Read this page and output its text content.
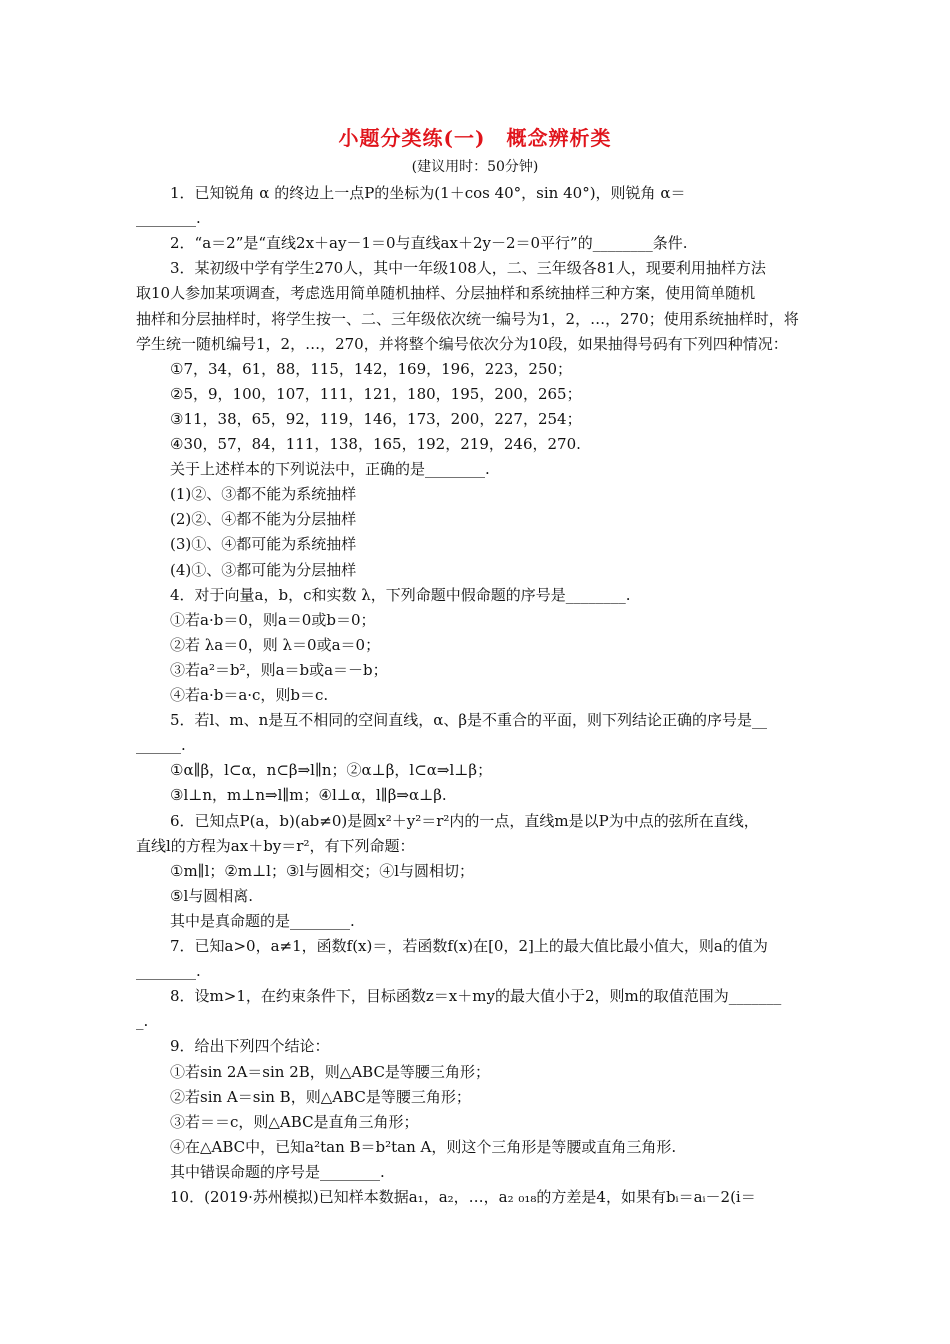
小题分类练(一)　概念辨析类
(建议用时：50分钟)
1．已知锐角 α 的终边上一点P的坐标为(1＋cos 40°，sin 40°)，则锐角 α＝
________.
2．“a＝2”是“直线2x＋ay－1＝0与直线ax＋2y－2＝0平行”的________条件.
3．某初级中学有学生270人，其中一年级108人，二、三年级各81人，现要利用抽样方法
取10人参加某项调查，考虑选用简单随机抽样、分层抽样和系统抽样三种方案，使用简单随机
抽样和分层抽样时，将学生按一、二、三年级依次统一编号为1，2，…，270；使用系统抽样时，将
学生统一随机编号1，2，…，270，并将整个编号依次分为10段，如果抽得号码有下列四种情况：
①7，34，61，88，115，142，169，196，223，250；
②5，9，100，107，111，121，180，195，200，265；
③11，38，65，92，119，146，173，200，227，254；
④30，57，84，111，138，165，192，219，246，270.
关于上述样本的下列说法中，正确的是________.
(1)②、③都不能为系统抽样
(2)②、④都不能为分层抽样
(3)①、④都可能为系统抽样
(4)①、③都可能为分层抽样
4．对于向量a，b，c和实数 λ，下列命题中假命题的序号是________.
①若a·b＝0，则a＝0或b＝0；
②若 λa＝0，则 λ＝0或a＝0；
③若a²＝b²，则a＝b或a＝－b；
④若a·b＝a·c，则b＝c.
5．若l、m、n是互不相同的空间直线，α、β是不重合的平面，则下列结论正确的序号是__
______.
①α∥β，l⊂α，n⊂β⇒l∥n；②α⊥β，l⊂α⇒l⊥β；
③l⊥n，m⊥n⇒l∥m；④l⊥α，l∥β⇒α⊥β.
6．已知点P(a，b)(ab≠0)是圆x²＋y²＝r²内的一点，直线m是以P为中点的弦所在直线，
直线l的方程为ax＋by＝r²，有下列命题：
①m∥l；②m⊥l；③l与圆相交；④l与圆相切；
⑤l与圆相离.
其中是真命题的是________.
7．已知a>0，a≠1，函数f(x)＝，若函数f(x)在[0，2]上的最大值比最小值大，则a的值为
________.
8．设m>1，在约束条件下，目标函数z＝x＋my的最大值小于2，则m的取值范围为_______
_.
9．给出下列四个结论：
①若sin 2A＝sin 2B，则△ABC是等腰三角形；
②若sin A＝sin B，则△ABC是等腰三角形；
③若＝＝c，则△ABC是直角三角形；
④在△ABC中，已知a²tan B＝b²tan A，则这个三角形是等腰或直角三角形.
其中错误命题的序号是________.
10．(2019·苏州模拟)已知样本数据a₁，a₂，…，a₂ ₀₁₈的方差是4，如果有bᵢ＝aᵢ－2(i＝
